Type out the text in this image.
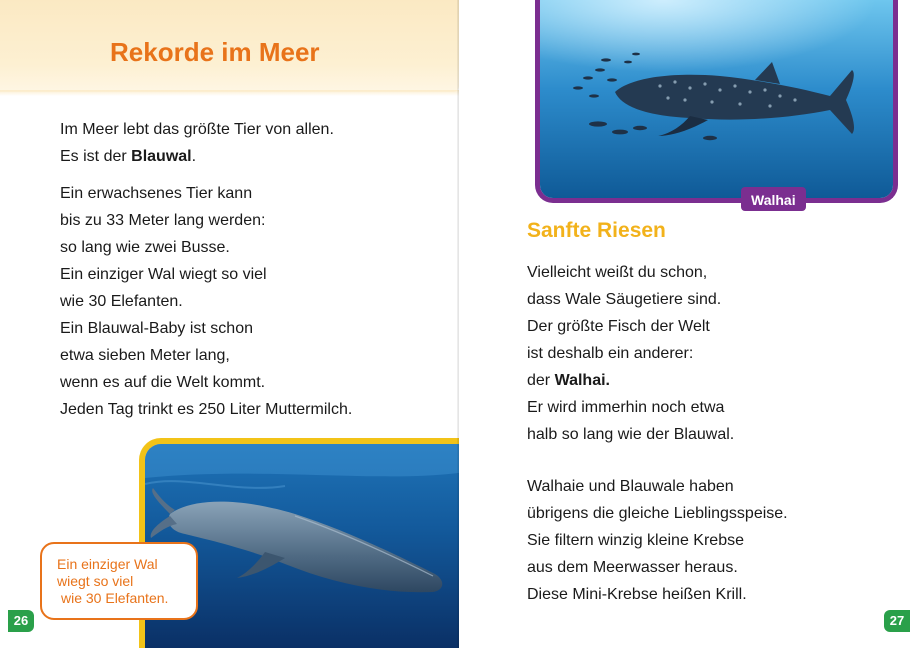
Rekorde im Meer
Im Meer lebt das größte Tier von allen.
Es ist der Blauwal.
Ein erwachsenes Tier kann
bis zu 33 Meter lang werden:
so lang wie zwei Busse.
Ein einziger Wal wiegt so viel
wie 30 Elefanten.
Ein Blauwal-Baby ist schon
etwa sieben Meter lang,
wenn es auf die Welt kommt.
Jeden Tag trinkt es 250 Liter Muttermilch.
Ein einziger Wal
wiegt so viel
wie 30 Elefanten.
26
Walhai
Sanfte Riesen
Vielleicht weißt du schon,
dass Wale Säugetiere sind.
Der größte Fisch der Welt
ist deshalb ein anderer:
der Walhai.
Er wird immerhin noch etwa
halb so lang wie der Blauwal.
Walhaie und Blauwale haben
übrigens die gleiche Lieblingsspeise.
Sie filtern winzig kleine Krebse
aus dem Meerwasser heraus.
Diese Mini-Krebse heißen Krill.
27
